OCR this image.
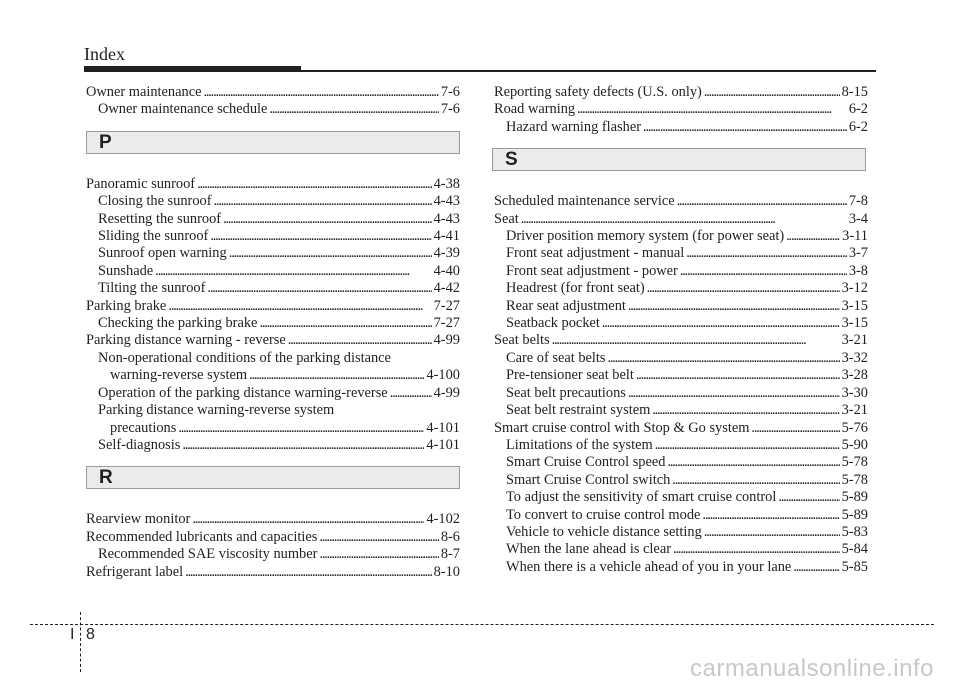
Index
Owner maintenance . . .	7-6
Owner maintenance schedule . . .	7-6
P
Panoramic sunroof . . .	4-38
Closing the sunroof . . .	4-43
Resetting the sunroof . . .	4-43
Sliding the sunroof . . .	4-41
Sunroof open warning . . .	4-39
Sunshade . . .	4-40
Tilting the sunroof . . .	4-42
Parking brake . . .	7-27
Checking the parking brake . . .	7-27
Parking distance warning - reverse . . .	4-99
Non-operational conditions of the parking distance
warning-reverse system . . .	4-100
Operation of the parking distance warning-reverse . . .	4-99
Parking distance warning-reverse system
precautions . . .	4-101
Self-diagnosis . . .	4-101
R
Rearview monitor . . .	4-102
Recommended lubricants and capacities . . .	8-6
Recommended SAE viscosity number . . .	8-7
Refrigerant label . . .	8-10
Reporting safety defects (U.S. only) . . .	8-15
Road warning . . .	6-2
Hazard warning flasher . . .	6-2
S
Scheduled maintenance service . . .	7-8
Seat . . .	3-4
Driver position memory system (for power seat) . . .	3-11
Front seat adjustment - manual . . .	3-7
Front seat adjustment - power . . .	3-8
Headrest (for front seat) . . .	3-12
Rear seat adjustment . . .	3-15
Seatback pocket . . .	3-15
Seat belts . . .	3-21
Care of seat belts . . .	3-32
Pre-tensioner seat belt . . .	3-28
Seat belt precautions . . .	3-30
Seat belt restraint system . . .	3-21
Smart cruise control with Stop & Go system . . .	5-76
Limitations of the system . . .	5-90
Smart Cruise Control speed . . .	5-78
Smart Cruise Control switch . . .	5-78
To adjust the sensitivity of smart cruise control . . .	5-89
To convert to cruise control mode . . .	5-89
Vehicle to vehicle distance setting . . .	5-83
When the lane ahead is clear . . .	5-84
When there is a vehicle ahead of you in your lane . . .	5-85
I 8
carmanualsonline.info
